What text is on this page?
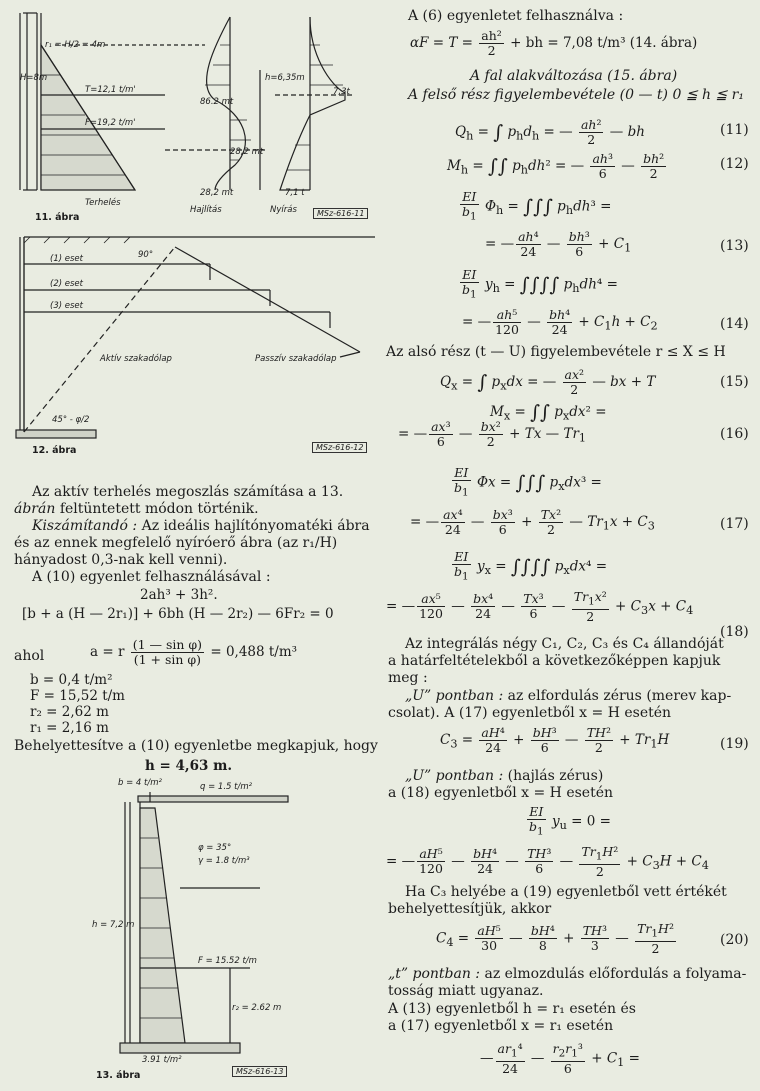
r₁ = H/2 = 4m
H=8m
T=12,1 t/m'
F=19,2 t/m'
h=6,35m
7,3t
86.2 mt
28,2 mt
28,2 mt	7,1 t
Terhelés
Hajlítás	Nyírás
11. ábra	MSz-616-11
90°
(1) eset
(2) eset
(3) eset
Aktív szakadólap	Passzív szakadólap
45° - φ/2
12. ábra	MSz-616-12
Az aktív terhelés megoszlás számítása a 13.
ábrán feltüntetett módon történik.
Kiszámítandó : Az ideális hajlítónyomatéki ábra
és az ennek megfelelő nyíróerő ábra (az r₁/H)
hányadost 0,3-nak kell venni).
A (10) egyenlet felhasználásával :
2ah³ + 3h².
[b + a (H — 2r₁)] + 6bh (H — 2r₂) — 6Fr₂ = 0
ahol	a = r $\frac{\text{(1 — sin φ)}}{\text{(1 + sin φ)}} = 0,488$ t/m³
b = 0,4 t/m²
F = 15,52 t/m
r₂ = 2,62 m
r₁ = 2,16 m
Behelyettesítve a (10) egyenletbe megkapjuk, hogy
h = 4,63 m.
b = 4 t/m²	q = 1.5 t/m²
φ = 35°
γ = 1.8 t/m³
h = 7,2 m
F = 15.52 t/m
r₂ = 2.62 m
3.91 t/m²
13. ábra	MSz-616-13
A (6) egyenletet felhasználva :
$\alpha F = T = \frac{\text{ah²}}{2}$ + bh = 7,08 t/m³ (14. ábra)
A fal alakváltozása (15. ábra)
A felső rész figyelembevétele (0 — t) 0 ≦ h ≦ r₁
$Q_h$ = ∫ $p_hd_h$ = — $\frac{\text{ah²}}{2}$ — bh	(11)
$M_h$ = ∫∫ $p_hdh^2$ = — $\frac{\text{ah³}}{6}$ — $\frac{\text{bh²}}{2}$	(12)
$\frac{EI}{b_1} \Phi_h$ = ∫∫∫ $p_hdh^3$ =
= — $\frac{\text{ah⁴}}{24}$ — $\frac{\text{bh³}}{6} + C_1$	(13)
$\frac{EI}{b_1} y_h$ = ∫∫∫∫ $p_hdh^4$ =
= — $\frac{\text{ah⁵}}{120}$ — $\frac{\text{bh⁴}}{24} + C_1h + C_2$	(14)
Az alsó rész (t — U) figyelembevétele r ≤ X ≤ H
$Q_x$ = ∫ $p_xdx$ = — $\frac{\text{ax²}}{2}$ — bx + T	(15)
$M_x$ = ∫∫ $p_xdx^2$ =
= — $\frac{\text{ax³}}{6}$ — $\frac{\text{bx²}}{2} + Tx$ — $Tr_1$	(16)
$\frac{EI}{b_1}$ Φx = ∫∫∫ $p_xdx^3$ =
= — $\frac{\text{ax⁴}}{24}$ — $\frac{\text{bx³}}{6} + \frac{\text{Tx²}}{2}$ — $Tr_1x + C_3$	(17)
$\frac{EI}{b_1} y_x$ = ∫∫∫∫ $p_xdx^4$ =
= — $\frac{\text{ax⁵}}{120}$ — $\frac{\text{bx⁴}}{24}$ — $\frac{\text{Tx³}}{6}$ — $\frac{Tr_1x^2}{2} + C_3x + C_4$
(18)
Az integrálás négy C₁, C₂, C₃ és C₄ állandóját
a határfeltételekből a következőképpen kapjuk
meg :
„U” pontban : az elfordulás zérus (merev kap-
csolat). A (17) egyenletből x = H esetén
$C_3 = \frac{\text{aH⁴}}{24} + \frac{\text{bH³}}{6}$ — $\frac{\text{TH²}}{2} + Tr_1H$	(19)
„U” pontban : (hajlás zérus)
a (18) egyenletből x = H esetén
$\frac{EI}{b_1} y_u = 0$ =
= — $\frac{\text{aH⁵}}{120}$ — $\frac{\text{bH⁴}}{24}$ — $\frac{\text{TH³}}{6}$ — $\frac{Tr_1H^2}{2} + C_3H + C_4$
Ha C₃ helyébe a (19) egyenletből vett értékét
behelyettesítjük, akkor
$C_4 = \frac{\text{aH⁵}}{30}$ — $\frac{\text{bH⁴}}{8} + \frac{\text{TH³}}{3}$ — $\frac{Tr_1H^2}{2}$	(20)
„t” pontban : az elmozdulás előfordulás a folyama-
tosság miatt ugyanaz.
A (13) egyenletből h = r₁ esetén és
a (17) egyenletből x = r₁ esetén
— $\frac{ar_1^4}{24}$ — $\frac{r_2r_1^3}{6} + C_1$ =
